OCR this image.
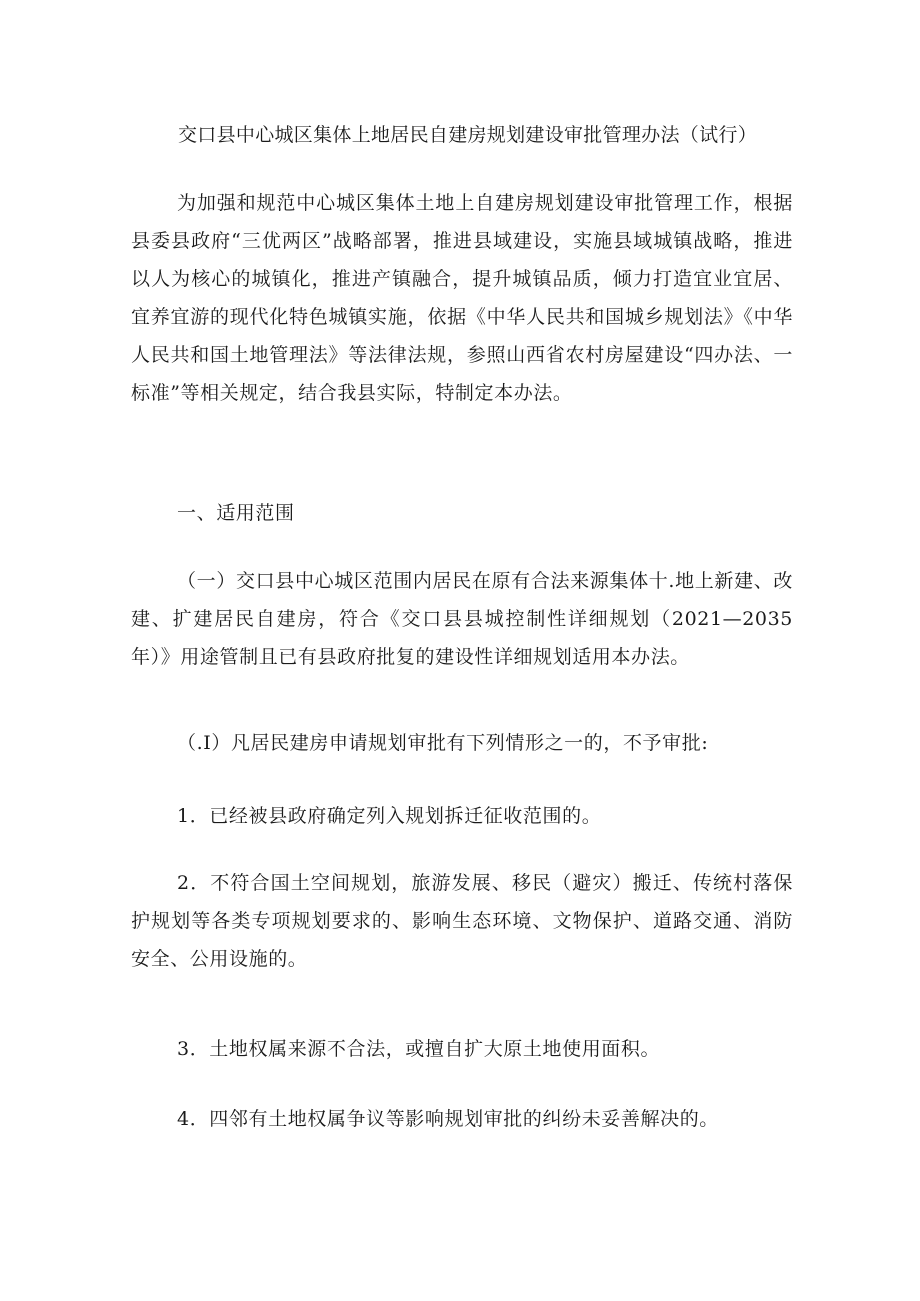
交口县中心城区集体上地居民自建房规划建设审批管理办法（试行）

为加强和规范中心城区集体土地上自建房规划建设审批管理工作，根据县委县政府“三优两区”战略部署，推进县域建设，实施县域城镇战略，推进以人为核心的城镇化，推进产镇融合，提升城镇品质，倾力打造宜业宜居、宜养宜游的现代化特色城镇实施，依据《中华人民共和国城乡规划法》《中华人民共和国土地管理法》等法律法规，参照山西省农村房屋建设“四办法、一标准”等相关规定，结合我县实际，特制定本办法。

一、适用范围

（一）交口县中心城区范围内居民在原有合法来源集体十.地上新建、改建、扩建居民自建房，符合《交口县县城控制性详细规划（2021—2035年）》用途管制且已有县政府批复的建设性详细规划适用本办法。

（.I）凡居民建房申请规划审批有下列情形之一的，不予审批:

1．已经被县政府确定列入规划拆迁征收范围的。

2．不符合国土空间规划，旅游发展、移民（避灾）搬迁、传统村落保护规划等各类专项规划要求的、影响生态环境、文物保护、道路交通、消防安全、公用设施的。

3．土地权属来源不合法，或擅自扩大原土地使用面积。

4．四邻有土地权属争议等影响规划审批的纠纷未妥善解决的。
